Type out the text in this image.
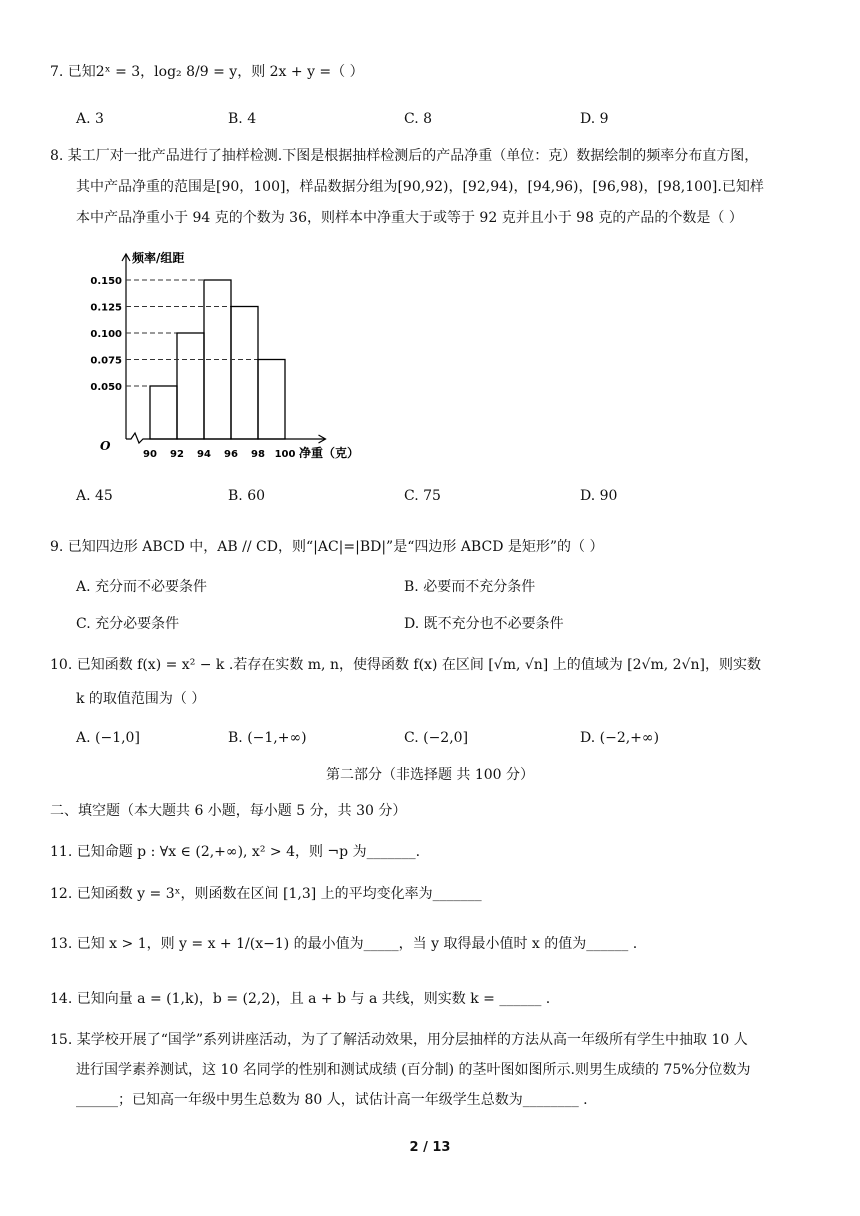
7. 已知2ˣ = 3，log₂ 8/9 = y，则 2x + y =（ ）
A. 3	B. 4	C. 8	D. 9
8. 某工厂对一批产品进行了抽样检测.下图是根据抽样检测后的产品净重（单位：克）数据绘制的频率分布直方图，
其中产品净重的范围是[90，100]，样品数据分组为[90,92)，[92,94)，[94,96)，[96,98)，[98,100].已知样
本中产品净重小于 94 克的个数为 36，则样本中净重大于或等于 92 克并且小于 98 克的产品的个数是（ ）
频率/组距
O
0.050
0.075
0.100
0.125
0.150
90 92 94 96 98 100 净重（克）
A. 45	B. 60	C. 75	D. 90
9. 已知四边形 ABCD 中，AB // CD，则“|AC|=|BD|”是“四边形 ABCD 是矩形”的（ ）
A. 充分而不必要条件	B. 必要而不充分条件
C. 充分必要条件	D. 既不充分也不必要条件
10. 已知函数 f(x) = x² − k .若存在实数 m, n，使得函数 f(x) 在区间 [√m, √n] 上的值域为 [2√m, 2√n]，则实数
k 的取值范围为（ ）
A. (−1,0]	B. (−1,+∞)	C. (−2,0]	D. (−2,+∞)
第二部分（非选择题 共 100 分）
二、填空题（本大题共 6 小题，每小题 5 分，共 30 分）
11. 已知命题 p : ∀x ∈ (2,+∞), x² > 4，则 ¬p 为_______.
12. 已知函数 y = 3ˣ，则函数在区间 [1,3] 上的平均变化率为_______
13. 已知 x > 1，则 y = x + 1/(x−1) 的最小值为_____，当 y 取得最小值时 x 的值为______ .
14. 已知向量 a = (1,k)，b = (2,2)，且 a + b 与 a 共线，则实数 k = ______ .
15. 某学校开展了“国学”系列讲座活动，为了了解活动效果，用分层抽样的方法从高一年级所有学生中抽取 10 人
进行国学素养测试，这 10 名同学的性别和测试成绩 (百分制) 的茎叶图如图所示.则男生成绩的 75%分位数为
______；已知高一年级中男生总数为 80 人，试估计高一年级学生总数为________ .
2 / 13
